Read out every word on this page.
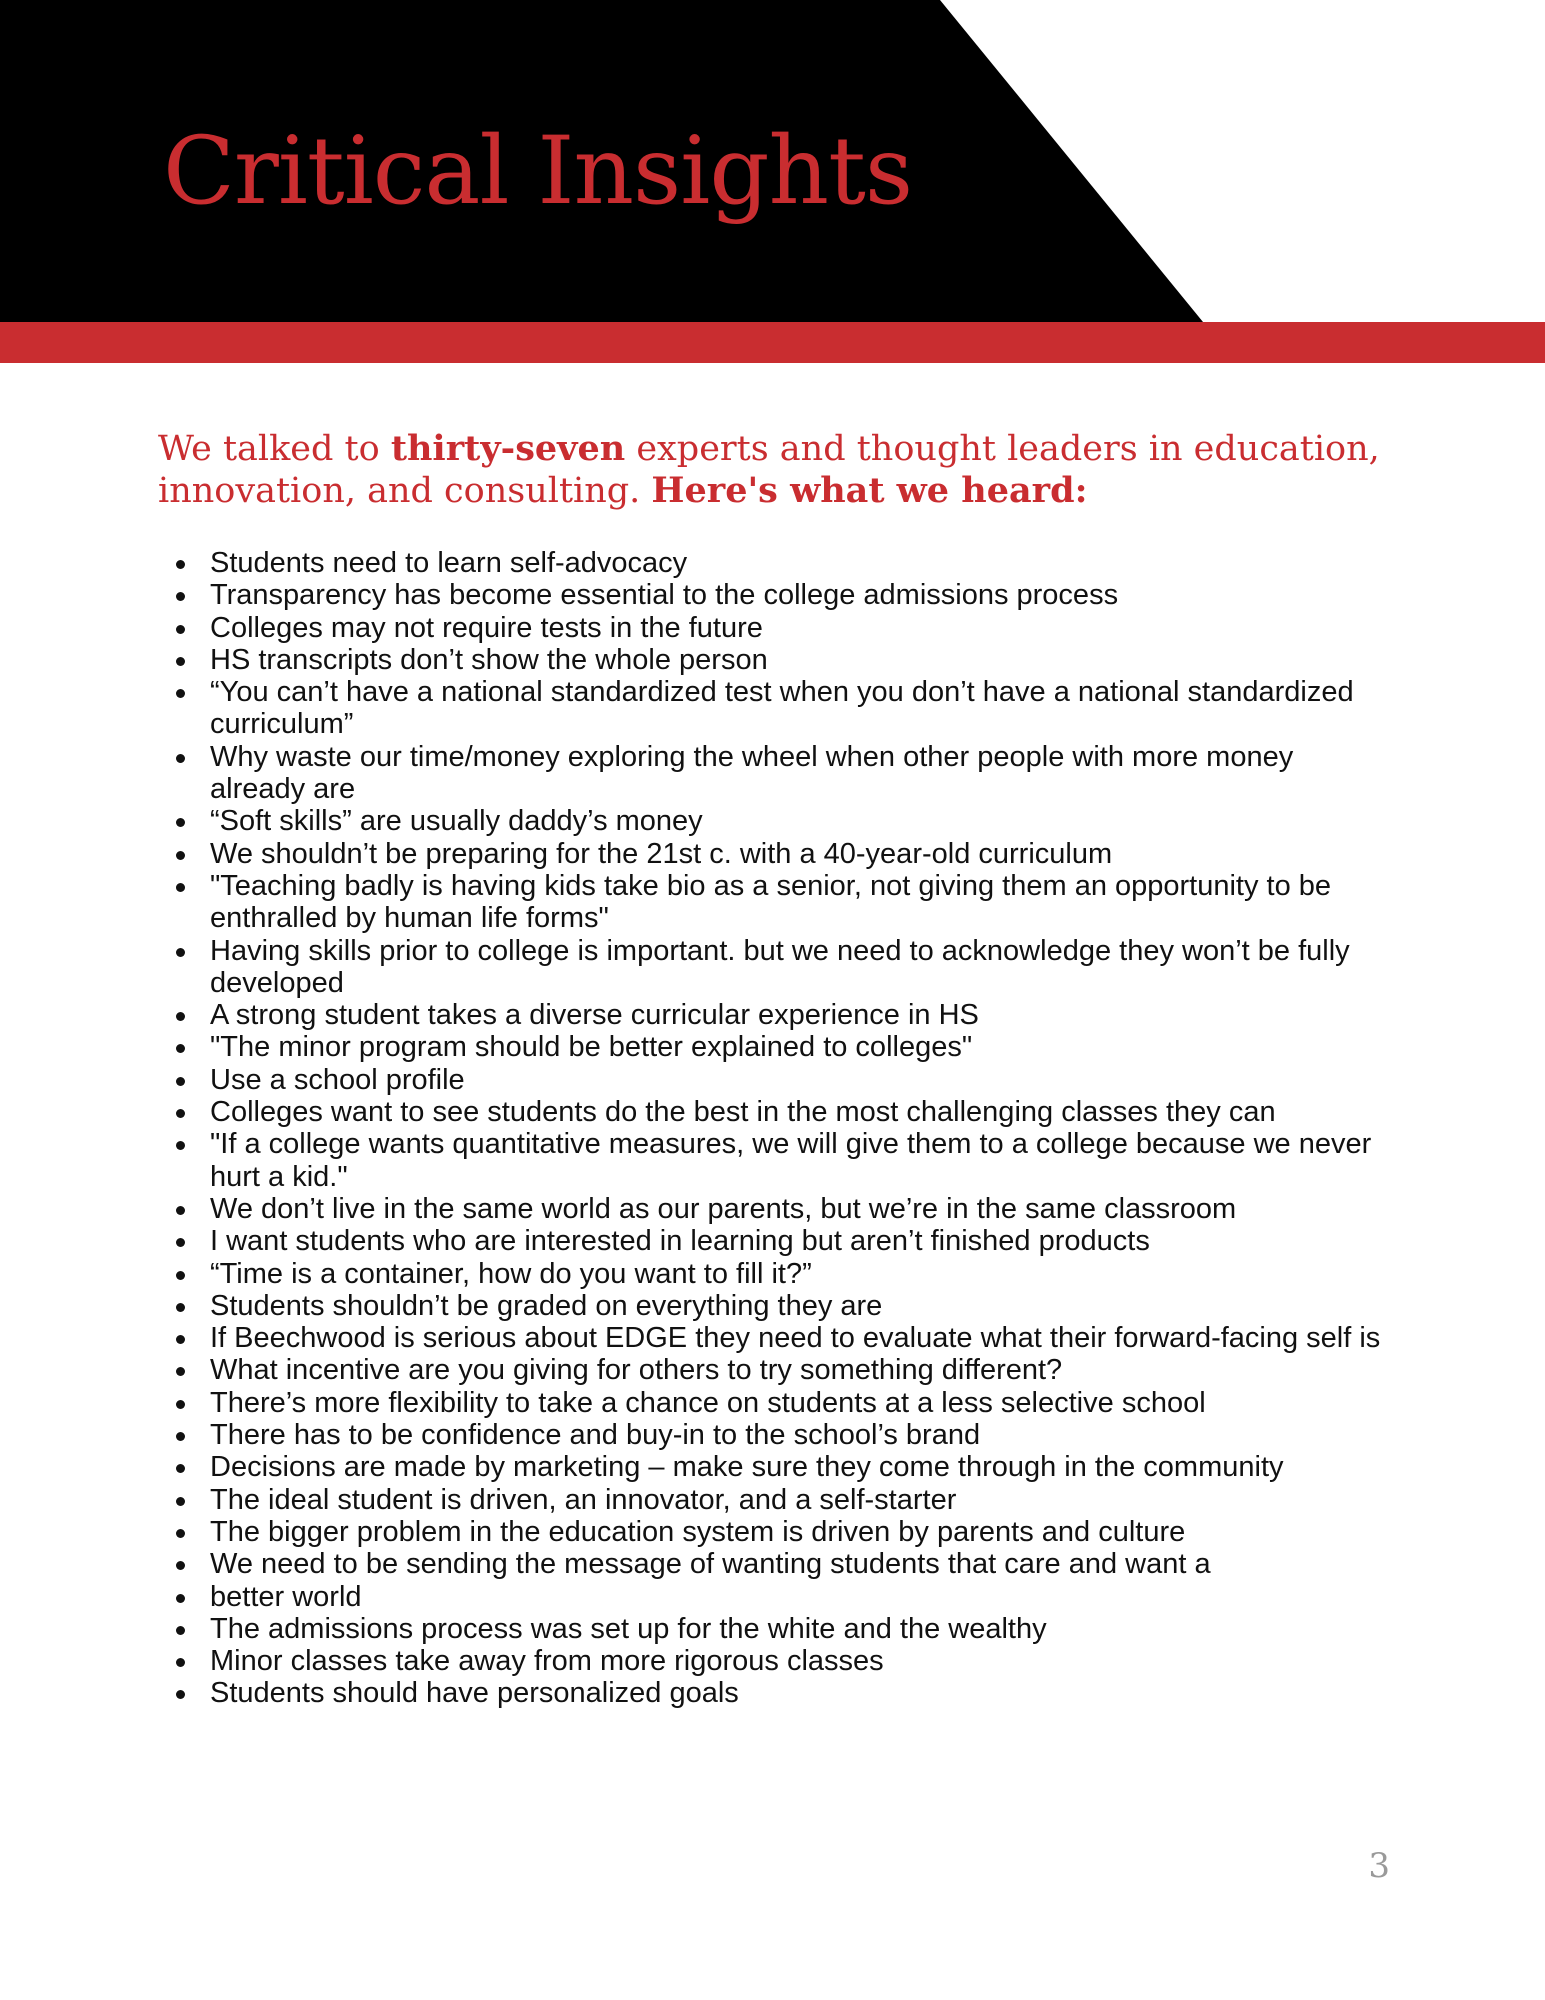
Critical Insights

We talked to thirty-seven experts and thought leaders in education, innovation, and consulting. Here's what we heard:

Students need to learn self-advocacy
Transparency has become essential to the college admissions process
Colleges may not require tests in the future
HS transcripts don’t show the whole person
“You can’t have a national standardized test when you don’t have a national standardized curriculum”
Why waste our time/money exploring the wheel when other people with more money already are
“Soft skills” are usually daddy’s money
We shouldn’t be preparing for the 21st c. with a 40-year-old curriculum
"Teaching badly is having kids take bio as a senior, not giving them an opportunity to be enthralled by human life forms"
Having skills prior to college is important. but we need to acknowledge they won’t be fully developed
A strong student takes a diverse curricular experience in HS
"The minor program should be better explained to colleges"
Use a school profile
Colleges want to see students do the best in the most challenging classes they can
"If a college wants quantitative measures, we will give them to a college because we never hurt a kid."
We don’t live in the same world as our parents, but we’re in the same classroom
I want students who are interested in learning but aren’t finished products
“Time is a container, how do you want to fill it?”
Students shouldn’t be graded on everything they are
If Beechwood is serious about EDGE they need to evaluate what their forward-facing self is
What incentive are you giving for others to try something different?
There’s more flexibility to take a chance on students at a less selective school
There has to be confidence and buy-in to the school’s brand
Decisions are made by marketing – make sure they come through in the community
The ideal student is driven, an innovator, and a self-starter
The bigger problem in the education system is driven by parents and culture
We need to be sending the message of wanting students that care and want a
better world
The admissions process was set up for the white and the wealthy
Minor classes take away from more rigorous classes
Students should have personalized goals
3
